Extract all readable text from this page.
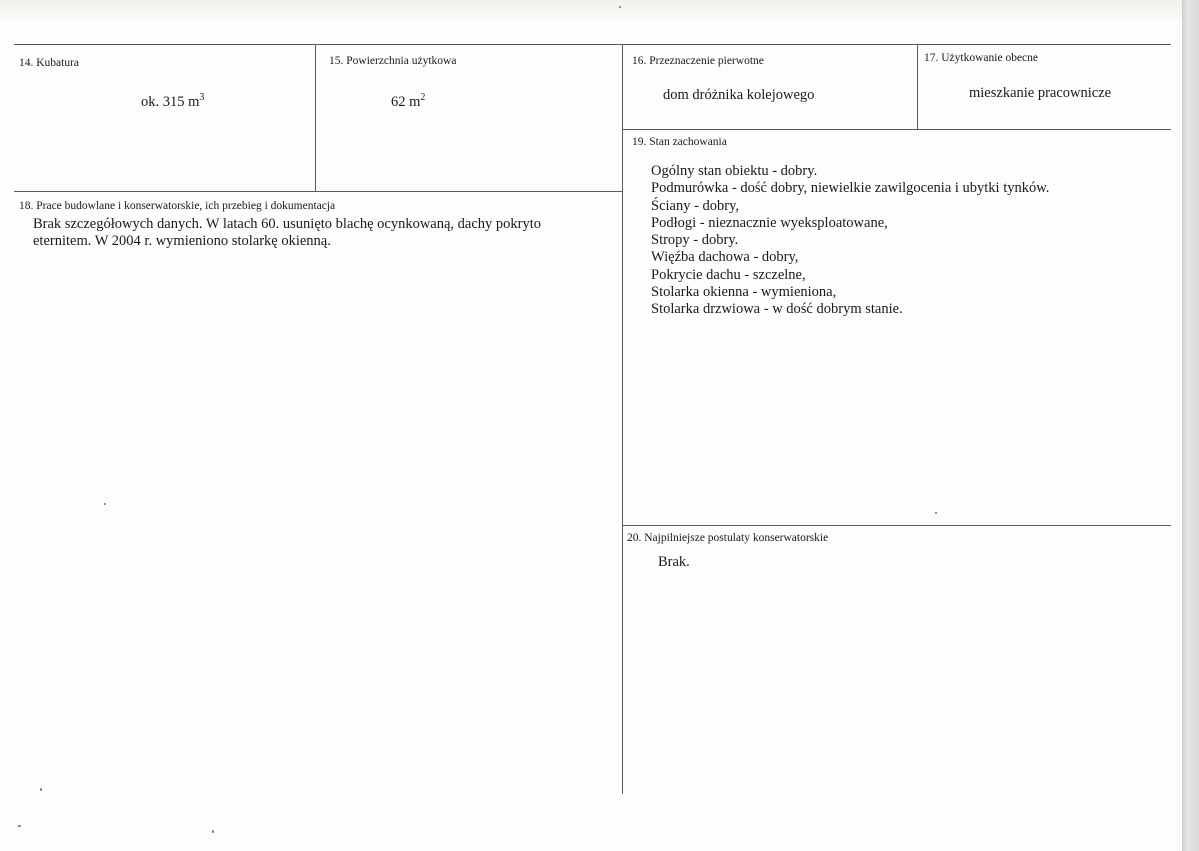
14. Kubatura
ok. 315 $m^3$
15. Powierzchnia użytkowa
62 $m^2$
16. Przeznaczenie pierwotne
dom dróżnika kolejowego
17. Użytkowanie obecne
mieszkanie pracownicze
19. Stan zachowania
Ogólny stan obiektu - dobry.
Podmurówka - dość dobry, niewielkie zawilgocenia i ubytki tynków.
Ściany - dobry,
Podłogi - nieznacznie wyeksploatowane,
Stropy - dobry.
Więźba dachowa - dobry,
Pokrycie dachu - szczelne,
Stolarka okienna - wymieniona,
Stolarka drzwiowa - w dość dobrym stanie.
18. Prace budowlane i konserwatorskie, ich przebieg i dokumentacja
Brak szczegółowych danych. W latach 60. usunięto blachę ocynkowaną, dachy pokryto eternitem. W 2004 r. wymieniono stolarkę okienną.
20. Najpilniejsze postulaty konserwatorskie
Brak.
